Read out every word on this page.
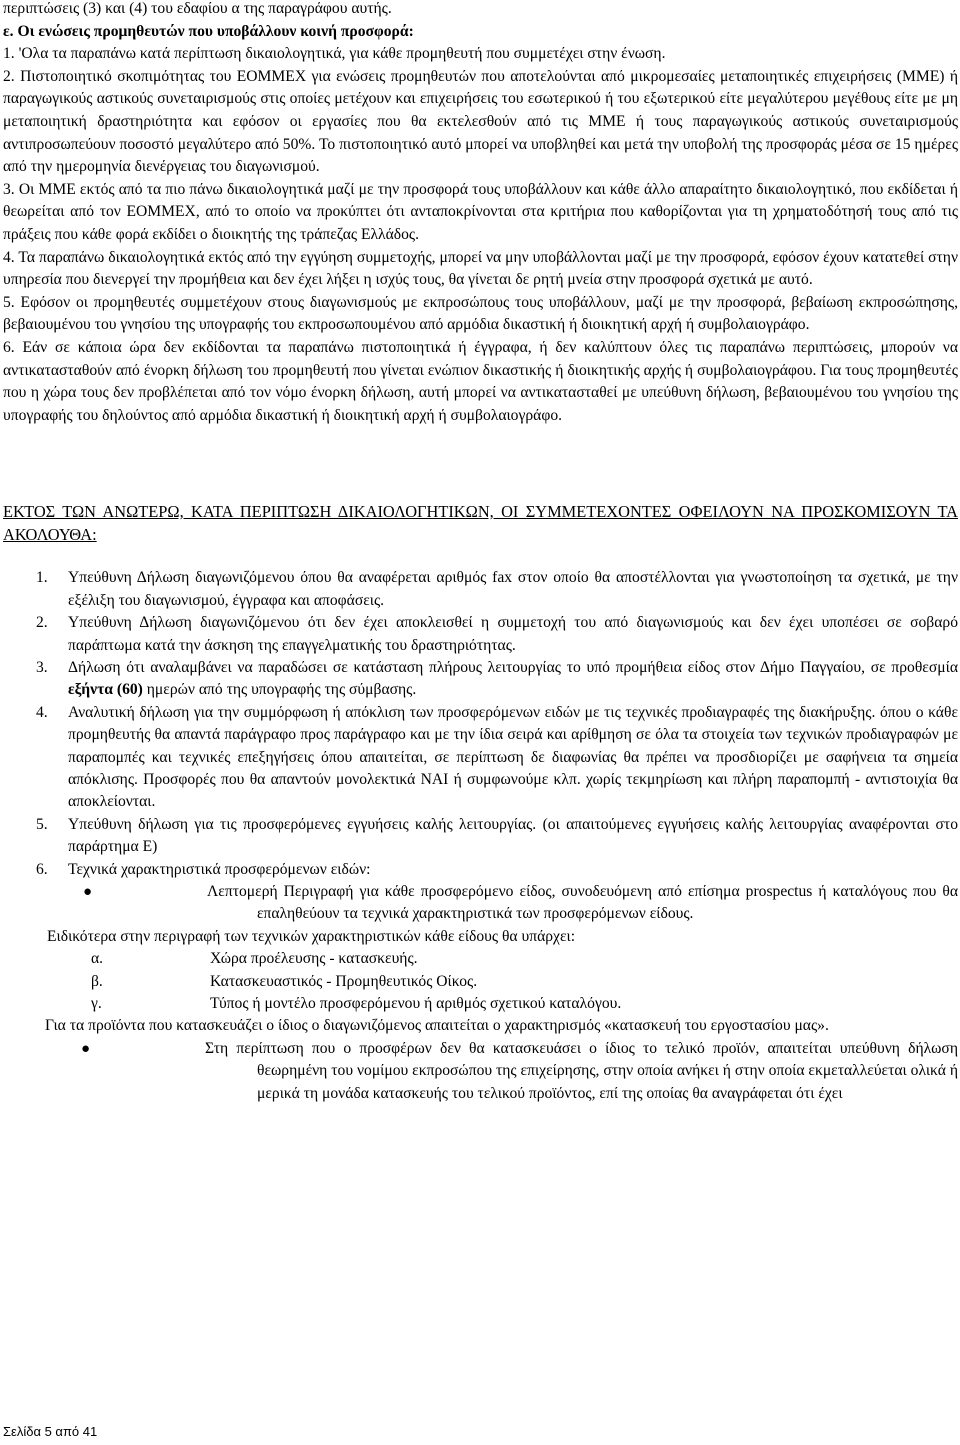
περιπτώσεις (3) και (4) του εδαφίου α της παραγράφου αυτής.

ε. Οι ενώσεις προμηθευτών που υποβάλλουν κοινή προσφορά:

1. 'Ολα τα παραπάνω κατά περίπτωση δικαιολογητικά, για κάθε προμηθευτή που συμμετέχει στην ένωση.

2. Πιστοποιητικό σκοπιμότητας του ΕΟΜΜΕΧ για ενώσεις προμηθευτών που αποτελούνται από μικρομεσαίες μεταποιητικές επιχειρήσεις (ΜΜΕ) ή παραγωγικούς αστικούς συνεταιρισμούς στις οποίες μετέχουν και επιχειρήσεις του εσωτερικού ή του εξωτερικού είτε μεγαλύτερου μεγέθους είτε με μη μεταποιητική δραστηριότητα και εφόσον οι εργασίες που θα εκτελεσθούν από τις ΜΜΕ ή τους παραγωγικούς αστικούς συνεταιρισμούς αντιπροσωπεύουν ποσοστό μεγαλύτερο από 50%. Το πιστοποιητικό αυτό μπορεί να υποβληθεί και μετά την υποβολή της προσφοράς μέσα σε 15 ημέρες από την ημερομηνία διενέργειας του διαγωνισμού.

3. Οι ΜΜΕ εκτός από τα πιο πάνω δικαιολογητικά μαζί με την προσφορά τους υποβάλλουν και κάθε άλλο απαραίτητο δικαιολογητικό, που εκδίδεται ή θεωρείται από τον ΕΟΜΜΕΧ, από το οποίο να προκύπτει ότι ανταποκρίνονται στα κριτήρια που καθορίζονται για τη χρηματοδότησή τους από τις πράξεις που κάθε φορά εκδίδει ο διοικητής της τράπεζας Ελλάδος.

4. Τα παραπάνω δικαιολογητικά εκτός από την εγγύηση συμμετοχής, μπορεί να μην υποβάλλονται μαζί με την προσφορά, εφόσον έχουν κατατεθεί στην υπηρεσία που διενεργεί την προμήθεια και δεν έχει λήξει η ισχύς τους, θα γίνεται δε ρητή μνεία στην προσφορά σχετικά με αυτό.

5. Εφόσον οι προμηθευτές συμμετέχουν στους διαγωνισμούς με εκπροσώπους τους υποβάλλουν, μαζί με την προσφορά, βεβαίωση εκπροσώπησης, βεβαιουμένου του γνησίου της υπογραφής του εκπροσωπουμένου από αρμόδια δικαστική ή διοικητική αρχή ή συμβολαιογράφο.

6. Εάν σε κάποια ώρα δεν εκδίδονται τα παραπάνω πιστοποιητικά ή έγγραφα, ή δεν καλύπτουν όλες τις παραπάνω περιπτώσεις, μπορούν να αντικατασταθούν από ένορκη δήλωση του προμηθευτή που γίνεται ενώπιον δικαστικής ή διοικητικής αρχής ή συμβολαιογράφου. Για τους προμηθευτές που η χώρα τους δεν προβλέπεται από τον νόμο ένορκη δήλωση, αυτή μπορεί να αντικατασταθεί με υπεύθυνη δήλωση, βεβαιουμένου του γνησίου της υπογραφής του δηλούντος από αρμόδια δικαστική ή διοικητική αρχή ή συμβολαιογράφο.

ΕΚΤΟΣ ΤΩΝ ΑΝΩΤΕΡΩ, ΚΑΤΑ ΠΕΡΙΠΤΩΣΗ ΔΙΚΑΙΟΛΟΓΗΤΙΚΩΝ, ΟΙ ΣΥΜΜΕΤΕΧΟΝΤΕΣ ΟΦΕΙΛΟΥΝ ΝΑ ΠΡΟΣΚΟΜΙΣΟΥΝ ΤΑ ΑΚΟΛΟΥΘΑ:

1. Υπεύθυνη Δήλωση διαγωνιζόμενου όπου θα αναφέρεται αριθμός fax στον οποίο θα αποστέλλονται για γνωστοποίηση τα σχετικά, με την εξέλιξη του διαγωνισμού, έγγραφα και αποφάσεις.
2. Υπεύθυνη Δήλωση διαγωνιζόμενου ότι δεν έχει αποκλεισθεί η συμμετοχή του από διαγωνισμούς και δεν έχει υποπέσει σε σοβαρό παράπτωμα κατά την άσκηση της επαγγελματικής του δραστηριότητας.
3. Δήλωση ότι αναλαμβάνει να παραδώσει σε κατάσταση πλήρους λειτουργίας το υπό προμήθεια είδος στον Δήμο Παγγαίου, σε προθεσμία εξήντα (60) ημερών από της υπογραφής της σύμβασης.
4. Αναλυτική δήλωση για την συμμόρφωση ή απόκλιση των προσφερόμενων ειδών με τις τεχνικές προδιαγραφές της διακήρυξης. όπου ο κάθε προμηθευτής θα απαντά παράγραφο προς παράγραφο και με την ίδια σειρά και αρίθμηση σε όλα τα στοιχεία των τεχνικών προδιαγραφών με παραπομπές και τεχνικές επεξηγήσεις όπου απαιτείται, σε περίπτωση δε διαφωνίας θα πρέπει να προσδιορίζει με σαφήνεια τα σημεία απόκλισης. Προσφορές που θα απαντούν μονολεκτικά ΝΑΙ ή συμφωνούμε κλπ. χωρίς τεκμηρίωση και πλήρη παραπομπή - αντιστοιχία θα αποκλείονται.
5. Υπεύθυνη δήλωση για τις προσφερόμενες εγγυήσεις καλής λειτουργίας. (οι απαιτούμενες εγγυήσεις καλής λειτουργίας αναφέρονται στο παράρτημα Ε)
6. Τεχνικά χαρακτηριστικά προσφερόμενων ειδών:
●	Λεπτομερή Περιγραφή για κάθε προσφερόμενο είδος, συνοδευόμενη από επίσημα prospectus ή καταλόγους που θα επαληθεύουν τα τεχνικά χαρακτηριστικά των προσφερόμενων είδους.

Ειδικότερα στην περιγραφή των τεχνικών χαρακτηριστικών κάθε είδους θα υπάρχει:

α.	Χώρα προέλευσης - κατασκευής.
β.	Κατασκευαστικός - Προμηθευτικός Οίκος.
γ.	Τύπος ή μοντέλο προσφερόμενου ή αριθμός σχετικού καταλόγου.

Για τα προϊόντα που κατασκευάζει ο ίδιος ο διαγωνιζόμενος απαιτείται ο χαρακτηρισμός «κατασκευή του εργοστασίου μας».

●	Στη περίπτωση που ο προσφέρων δεν θα κατασκευάσει ο ίδιος το τελικό προϊόν, απαιτείται υπεύθυνη δήλωση θεωρημένη του νομίμου εκπροσώπου της επιχείρησης, στην οποία ανήκει ή στην οποία εκμεταλλεύεται ολικά ή μερικά τη μονάδα κατασκευής του τελικού προϊόντος, επί της οποίας θα αναγράφεται ότι έχει
Σελίδα 5 από 41
